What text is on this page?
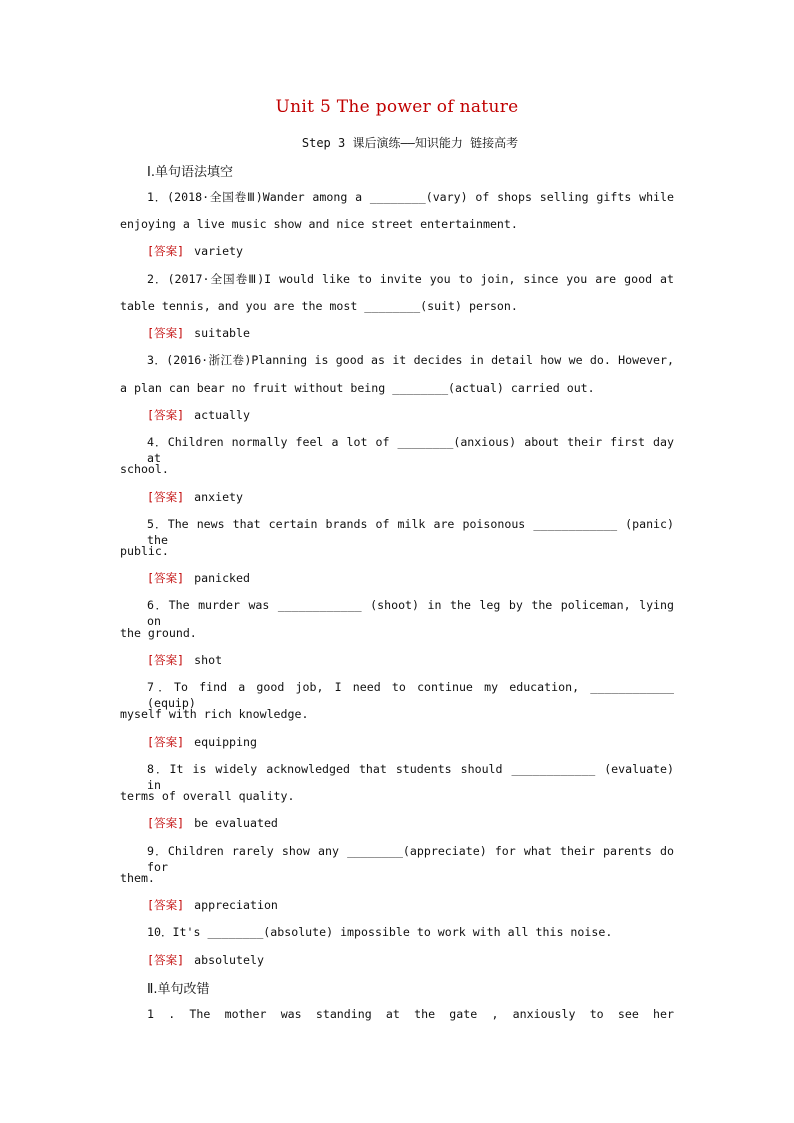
Unit 5 The power of nature
Step 3 课后演练——知识能力 链接高考
Ⅰ.单句语法填空
1．(2018·全国卷Ⅲ)Wander among a ________(vary) of shops selling gifts while
enjoying a live music show and nice street entertainment.
[答案] variety
2．(2017·全国卷Ⅲ)I would like to invite you to join, since you are good at
table tennis, and you are the most ________(suit) person.
[答案] suitable
3．(2016·浙江卷)Planning is good as it decides in detail how we do. However,
a plan can bear no fruit without being ________(actual) carried out.
[答案] actually
4．Children normally feel a lot of ________(anxious) about their first day at
school.
[答案] anxiety
5．The news that certain brands of milk are poisonous ____________ (panic) the
public.
[答案] panicked
6．The murder was ____________ (shoot) in the leg by the policeman, lying on
the ground.
[答案] shot
7．To find a good job, I need to continue my education, ____________ (equip)
myself with rich knowledge.
[答案] equipping
8．It is widely acknowledged that students should ____________ (evaluate) in
terms of overall quality.
[答案] be evaluated
9．Children rarely show any ________(appreciate) for what their parents do for
them.
[答案] appreciation
10．It's ________(absolute) impossible to work with all this noise.
[答案] absolutely
Ⅱ.单句改错
1 . The mother was standing at the gate , anxiously to see her
